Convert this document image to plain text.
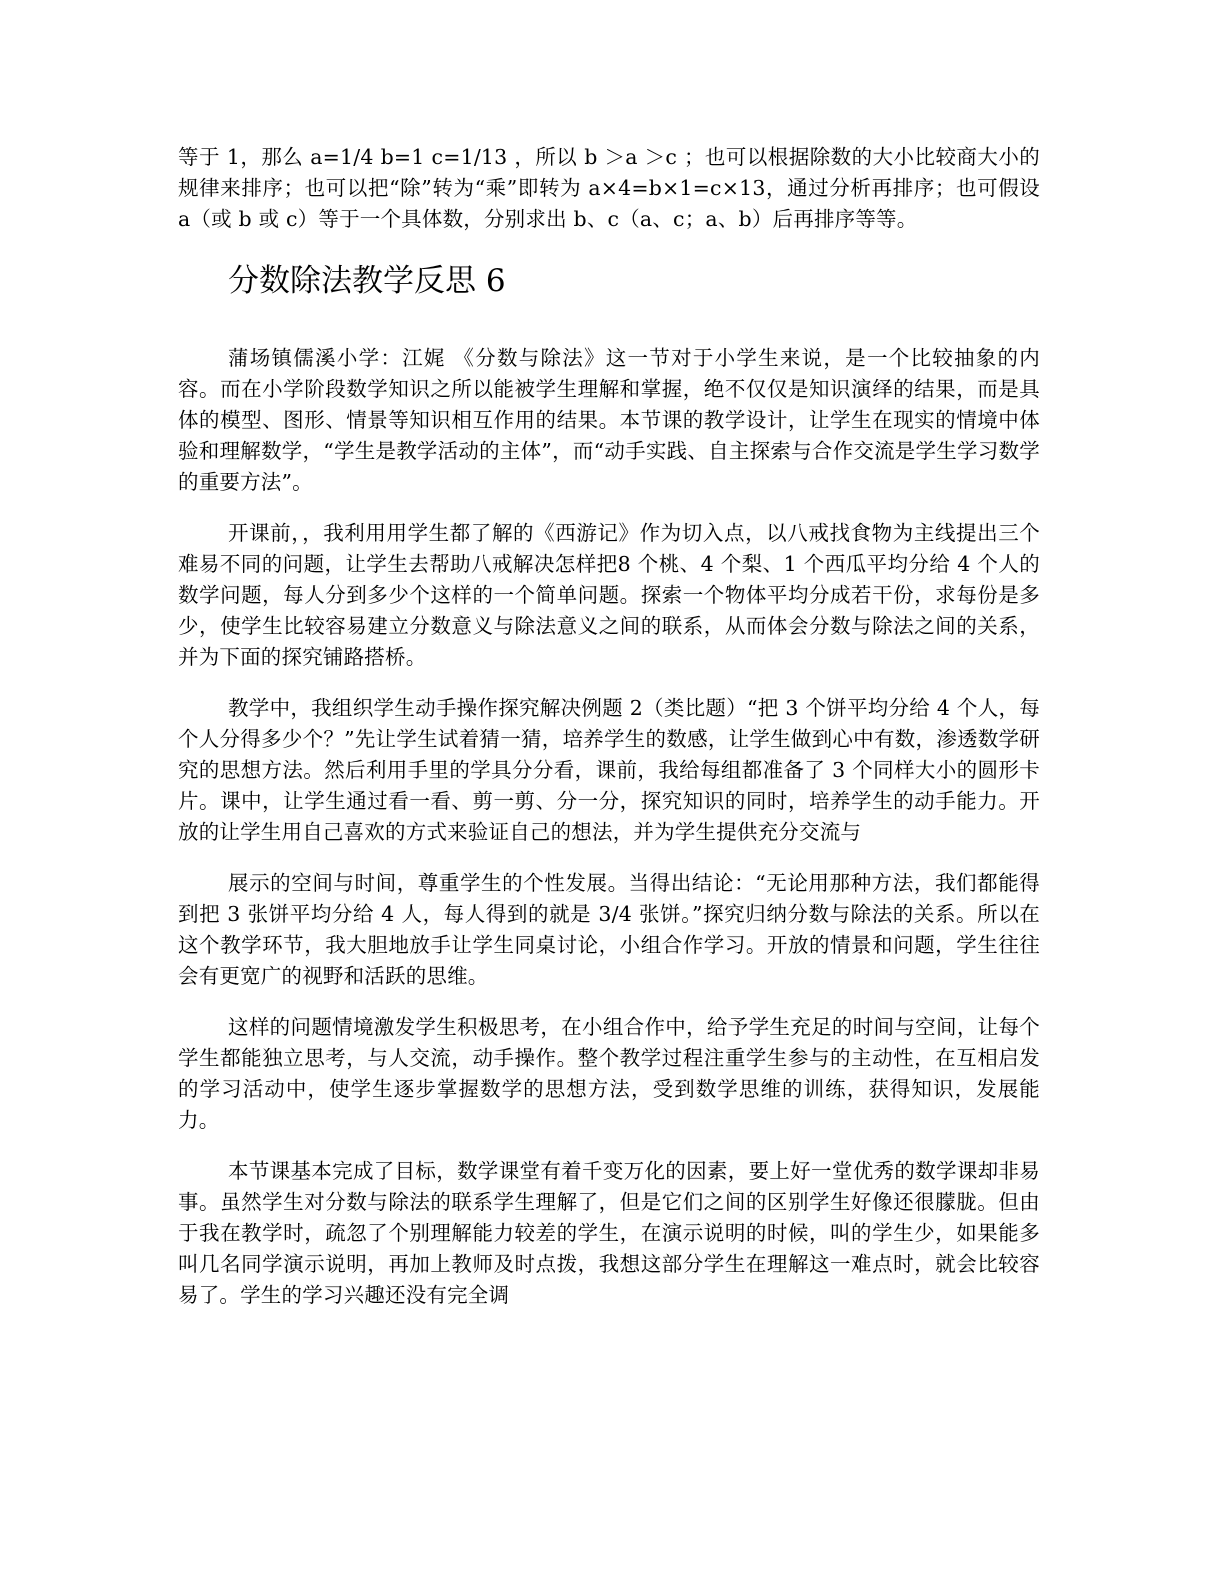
等于 1，那么 a=1/4 b=1 c=1/13 ，所以 b ＞a ＞c ；也可以根据除数的大小比较商大小的规律来排序；也可以把“除”转为“乘”即转为 a×4=b×1=c×13，通过分析再排序；也可假设 a（或 b 或 c）等于一个具体数，分别求出 b、c（a、c；a、b）后再排序等等。

分数除法教学反思 6

蒲场镇儒溪小学：江娓 《分数与除法》这一节对于小学生来说，是一个比较抽象的内容。而在小学阶段数学知识之所以能被学生理解和掌握，绝不仅仅是知识演绎的结果，而是具体的模型、图形、情景等知识相互作用的结果。本节课的教学设计，让学生在现实的情境中体验和理解数学，“学生是教学活动的主体”，而“动手实践、自主探索与合作交流是学生学习数学的重要方法”。

开课前，，我利用用学生都了解的《西游记》作为切入点，以八戒找食物为主线提出三个难易不同的问题，让学生去帮助八戒解决怎样把8 个桃、4 个梨、1 个西瓜平均分给 4 个人的数学问题，每人分到多少个这样的一个简单问题。探索一个物体平均分成若干份，求每份是多少，使学生比较容易建立分数意义与除法意义之间的联系，从而体会分数与除法之间的关系，并为下面的探究铺路搭桥。

教学中，我组织学生动手操作探究解决例题 2（类比题）“把 3 个饼平均分给 4 个人，每个人分得多少个？”先让学生试着猜一猜，培养学生的数感，让学生做到心中有数，渗透数学研究的思想方法。然后利用手里的学具分分看，课前，我给每组都准备了 3 个同样大小的圆形卡片。课中，让学生通过看一看、剪一剪、分一分，探究知识的同时，培养学生的动手能力。开放的让学生用自己喜欢的方式来验证自己的想法，并为学生提供充分交流与

展示的空间与时间，尊重学生的个性发展。当得出结论：“无论用那种方法，我们都能得到把 3 张饼平均分给 4 人，每人得到的就是 3/4 张饼。”探究归纳分数与除法的关系。所以在这个教学环节，我大胆地放手让学生同桌讨论，小组合作学习。开放的情景和问题，学生往往会有更宽广的视野和活跃的思维。

这样的问题情境激发学生积极思考，在小组合作中，给予学生充足的时间与空间，让每个学生都能独立思考，与人交流，动手操作。整个教学过程注重学生参与的主动性，在互相启发的学习活动中，使学生逐步掌握数学的思想方法，受到数学思维的训练，获得知识，发展能力。

本节课基本完成了目标，数学课堂有着千变万化的因素，要上好一堂优秀的数学课却非易事。虽然学生对分数与除法的联系学生理解了，但是它们之间的区别学生好像还很朦胧。但由于我在教学时，疏忽了个别理解能力较差的学生，在演示说明的时候，叫的学生少，如果能多叫几名同学演示说明，再加上教师及时点拨，我想这部分学生在理解这一难点时，就会比较容易了。学生的学习兴趣还没有完全调
